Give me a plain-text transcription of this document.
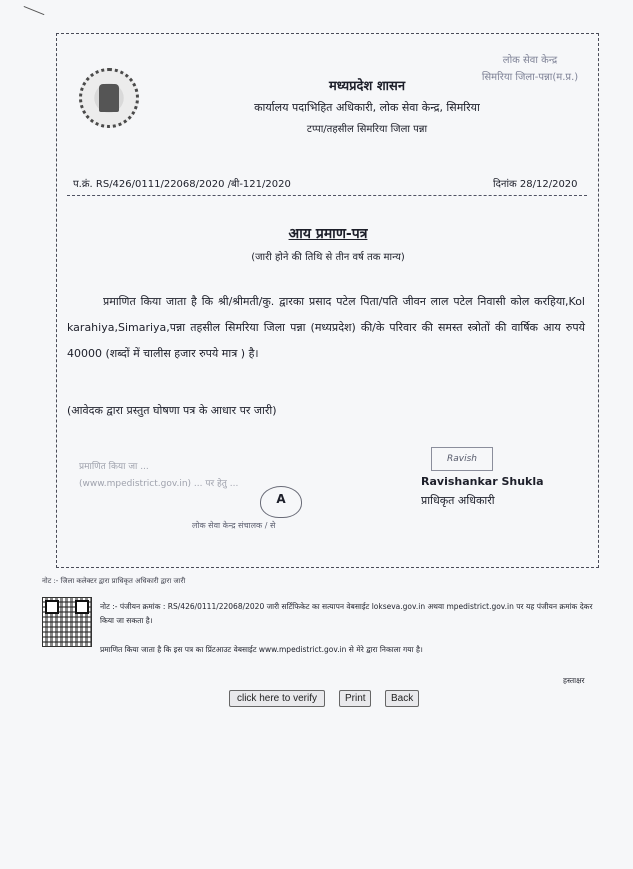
लोक सेवा केन्द्र
सिमरिया जिला-पन्ना(म.प्र.)
मध्यप्रदेश शासन
कार्यालय पदाभिहित अधिकारी, लोक सेवा केन्द्र, सिमरिया
टप्पा/तहसील सिमरिया जिला पन्ना
प.क्रं. RS/426/0111/22068/2020 /बी-121/2020	दिनांक 28/12/2020
आय प्रमाण-पत्र
(जारी होने की तिथि से तीन वर्ष तक मान्य)
प्रमाणित किया जाता है कि श्री/श्रीमती/कु. द्वारका प्रसाद पटेल पिता/पति जीवन लाल पटेल निवासी कोल करहिया,Kol karahiya,Simariya,पन्ना तहसील सिमरिया जिला पन्ना (मध्यप्रदेश) की/के परिवार की समस्त स्त्रोतों की वार्षिक आय रुपये 40000 (शब्दों में चालीस हजार रुपये मात्र ) है।
(आवेदक द्वारा प्रस्तुत घोषणा पत्र के आधार पर जारी)
प्रमाणित किया जा ...
(www.mpedistrict.gov.in) ... पर हेतु ...
A
लोक सेवा केन्द्र संचालक / से
Ravish
Ravishankar Shukla
प्राधिकृत अधिकारी
नोट :- जिला कलेक्टर द्वारा प्राधिकृत अधिकारी द्वारा जारी
नोट :- पंजीयन क्रमांक : RS/426/0111/22068/2020 जारी सर्टिफिकेट का सत्यापन वेबसाईट lokseva.gov.in अथवा mpedistrict.gov.in पर यह पंजीयन क्रमांक देकर किया जा सकता है।
प्रमाणित किया जाता है कि इस पत्र का प्रिंटआउट वेबसाईट www.mpedistrict.gov.in से मेरे द्वारा निकाला गया है।
हस्ताक्षर
click here to verify	Print	Back
